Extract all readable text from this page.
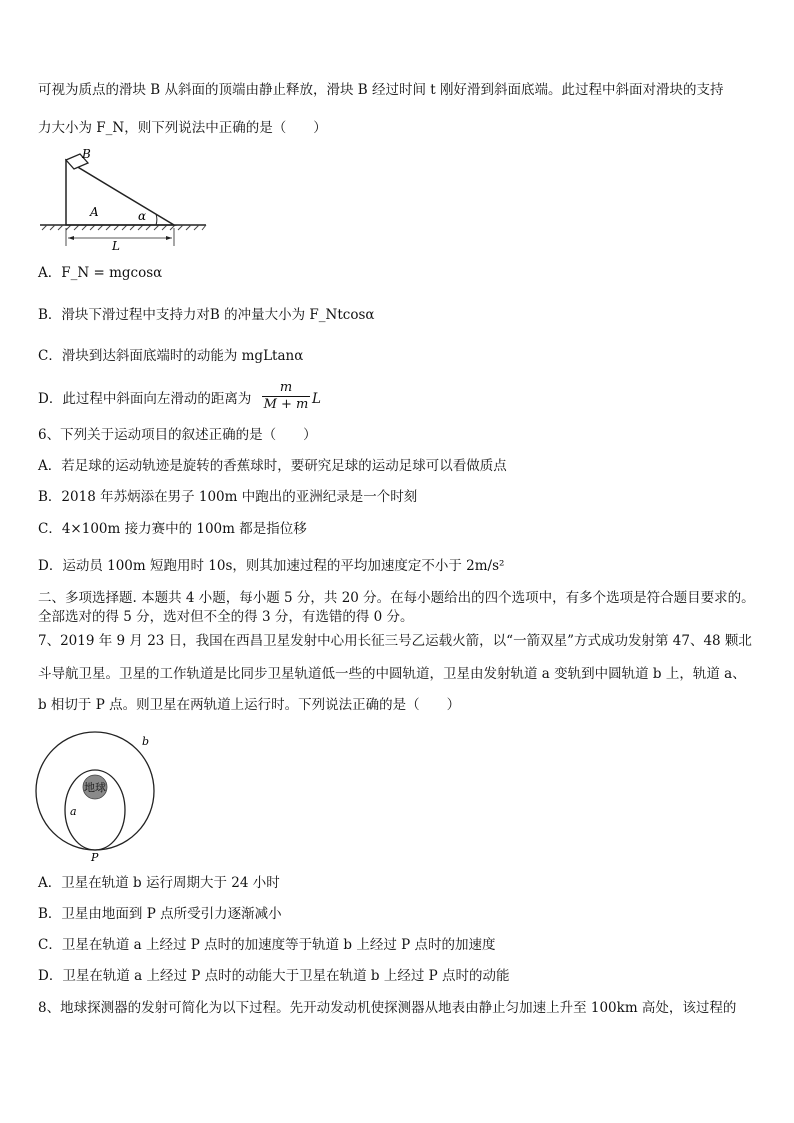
可视为质点的滑块 B 从斜面的顶端由静止释放，滑块 B 经过时间 t 刚好滑到斜面底端。此过程中斜面对滑块的支持
力大小为 F_N，则下列说法中正确的是（　　）
B
A	α
L
A．F_N = mgcosα
B．滑块下滑过程中支持力对B 的冲量大小为 F_Ntcosα
C．滑块到达斜面底端时的动能为 mgLtanα
D．此过程中斜面向左滑动的距离为
m
M + m L
6、下列关于运动项目的叙述正确的是（　　）
A．若足球的运动轨迹是旋转的香蕉球时，要研究足球的运动足球可以看做质点
B．2018 年苏炳添在男子 100m 中跑出的亚洲纪录是一个时刻
C．4×100m 接力赛中的 100m 都是指位移
D．运动员 100m 短跑用时 10s，则其加速过程的平均加速度定不小于 2m/s²
二、多项选择题. 本题共 4 小题，每小题 5 分，共 20 分。在每小题给出的四个选项中，有多个选项是符合题目要求的。
全部选对的得 5 分，选对但不全的得 3 分，有选错的得 0 分。
7、2019 年 9 月 23 日，我国在西昌卫星发射中心用长征三号乙运载火箭，以“一箭双星”方式成功发射第 47、48 颗北
斗导航卫星。卫星的工作轨道是比同步卫星轨道低一些的中圆轨道，卫星由发射轨道 a 变轨到中圆轨道 b 上，轨道 a、
b 相切于 P 点。则卫星在两轨道上运行时。下列说法正确的是（　　）
地球
b
a
P
A．卫星在轨道 b 运行周期大于 24 小时
B．卫星由地面到 P 点所受引力逐渐减小
C．卫星在轨道 a 上经过 P 点时的加速度等于轨道 b 上经过 P 点时的加速度
D．卫星在轨道 a 上经过 P 点时的动能大于卫星在轨道 b 上经过 P 点时的动能
8、地球探测器的发射可简化为以下过程。先开动发动机使探测器从地表由静止匀加速上升至 100km 高处，该过程的
